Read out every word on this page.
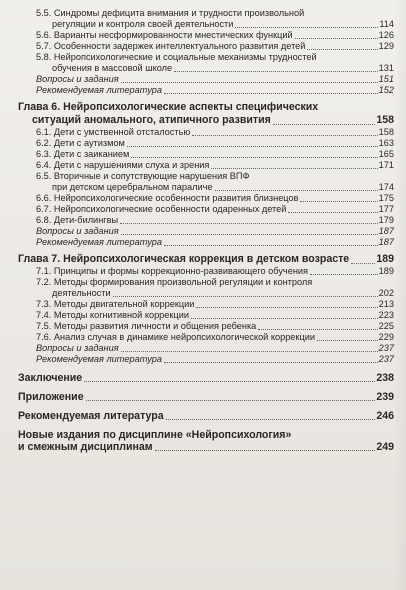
5.5. Синдромы дефицита внимания и трудности произвольной
регуляции и контроля своей деятельности	114
5.6. Варианты несформированности мнестических функций	126
5.7. Особенности задержек интеллектуального развития детей	129
5.8. Нейропсихологические и социальные механизмы трудностей
обучения в массовой школе	131
Вопросы и задания	151
Рекомендуемая литература	152
Глава 6. Нейропсихологические аспекты специфических
ситуаций аномального, атипичного развития	158
6.1. Дети с умственной отсталостью	158
6.2. Дети с аутизмом	163
6.3. Дети с заиканием	165
6.4. Дети с нарушениями слуха и зрения	171
6.5. Вторичные и сопутствующие нарушения ВПФ
при детском церебральном параличе	174
6.6. Нейропсихологические особенности развития близнецов	175
6.7. Нейропсихологические особенности одаренных детей	177
6.8. Дети-билингвы	179
Вопросы и задания	187
Рекомендуемая литература	187
Глава 7. Нейропсихологическая коррекция в детском возрасте	189
7.1. Принципы и формы коррекционно-развивающего обучения	189
7.2. Методы формирования произвольной регуляции и контроля
деятельности	202
7.3. Методы двигательной коррекции	213
7.4. Методы когнитивной коррекции	223
7.5. Методы развития личности и общения ребенка	225
7.6. Анализ случая в динамике нейропсихологической коррекции	229
Вопросы и задания	237
Рекомендуемая литература	237
Заключение	238
Приложение	239
Рекомендуемая литература	246
Новые издания по дисциплине «Нейропсихология»
и смежным дисциплинам	249
